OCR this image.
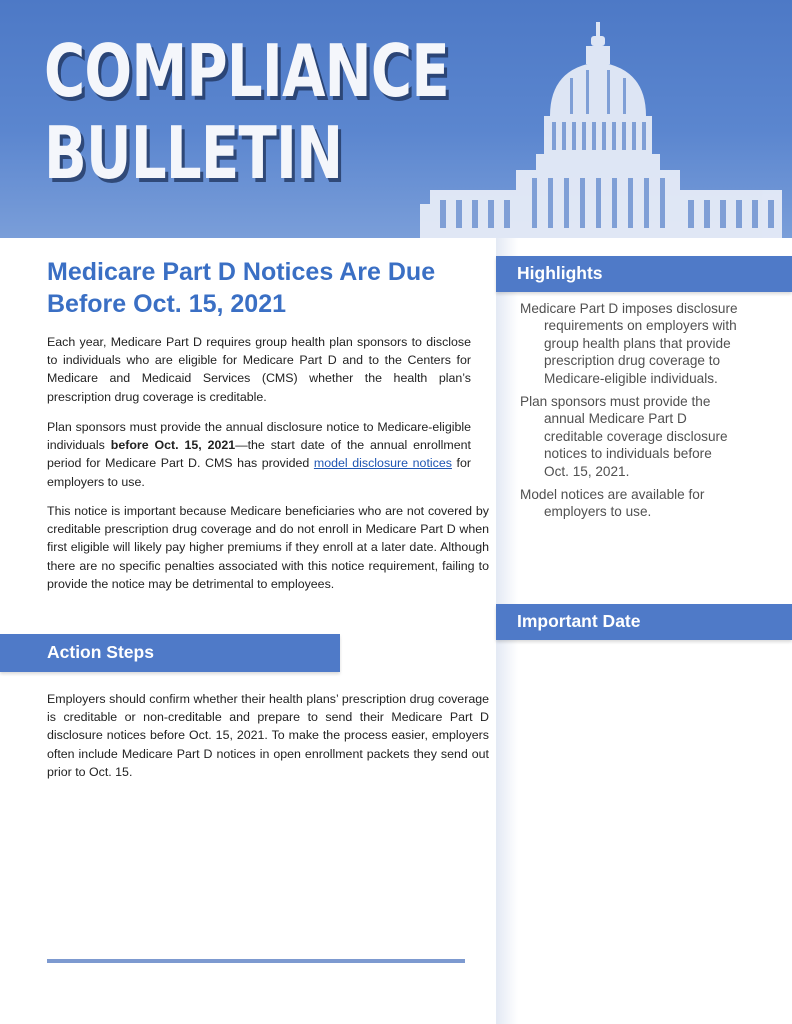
COMPLIANCE
BULLETIN
Medicare Part D Notices Are Due Before Oct. 15, 2021

Each year, Medicare Part D requires group health plan sponsors to disclose to individuals who are eligible for Medicare Part D and to the Centers for Medicare and Medicaid Services (CMS) whether the health plan’s prescription drug coverage is creditable.

Plan sponsors must provide the annual disclosure notice to Medicare-eligible individuals before Oct. 15, 2021—the start date of the annual enrollment period for Medicare Part D. CMS has provided model disclosure notices for employers to use.

This notice is important because Medicare beneficiaries who are not covered by creditable prescription drug coverage and do not enroll in Medicare Part D when first eligible will likely pay higher premiums if they enroll at a later date. Although there are no specific penalties associated with this notice requirement, failing to provide the notice may be detrimental to employees.

Action Steps

Employers should confirm whether their health plans’ prescription drug coverage is creditable or non-creditable and prepare to send their Medicare Part D disclosure notices before Oct. 15, 2021. To make the process easier, employers often include Medicare Part D notices in open enrollment packets they send out prior to Oct. 15.

Highlights
Medicare Part D imposes disclosure requirements on employers with group health plans that provide prescription drug coverage to Medicare-eligible individuals.
Plan sponsors must provide the annual Medicare Part D creditable coverage disclosure notices to individuals before Oct. 15, 2021.
Model notices are available for employers to use.
Important Date
